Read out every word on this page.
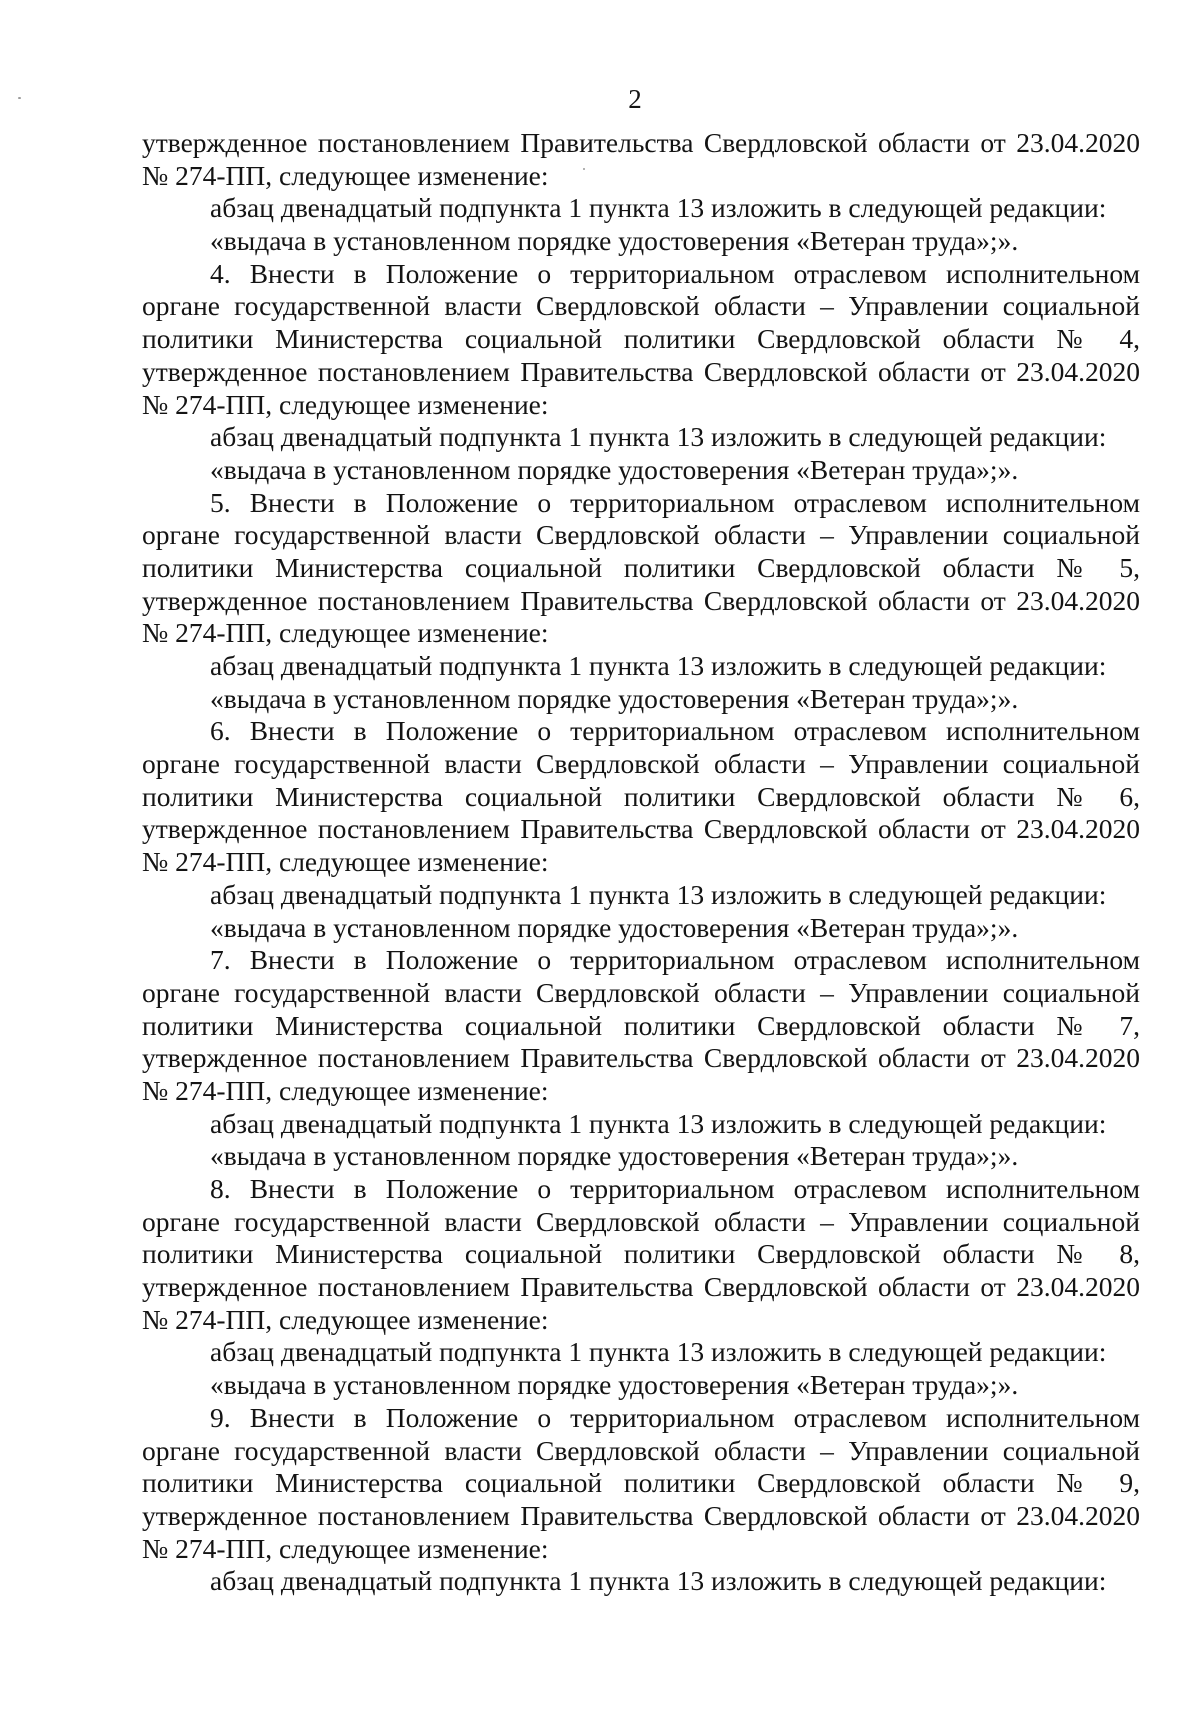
2
утвержденное постановлением Правительства Свердловской области от 23.04.2020
№ 274-ПП, следующее изменение:
абзац двенадцатый подпункта 1 пункта 13 изложить в следующей редакции:
«выдача в установленном порядке удостоверения «Ветеран труда»;».
4. Внести в Положение о территориальном отраслевом исполнительном
органе государственной власти Свердловской области – Управлении социальной
политики Министерства социальной политики Свердловской области № 4,
утвержденное постановлением Правительства Свердловской области от 23.04.2020
№ 274-ПП, следующее изменение:
абзац двенадцатый подпункта 1 пункта 13 изложить в следующей редакции:
«выдача в установленном порядке удостоверения «Ветеран труда»;».
5. Внести в Положение о территориальном отраслевом исполнительном
органе государственной власти Свердловской области – Управлении социальной
политики Министерства социальной политики Свердловской области № 5,
утвержденное постановлением Правительства Свердловской области от 23.04.2020
№ 274-ПП, следующее изменение:
абзац двенадцатый подпункта 1 пункта 13 изложить в следующей редакции:
«выдача в установленном порядке удостоверения «Ветеран труда»;».
6. Внести в Положение о территориальном отраслевом исполнительном
органе государственной власти Свердловской области – Управлении социальной
политики Министерства социальной политики Свердловской области № 6,
утвержденное постановлением Правительства Свердловской области от 23.04.2020
№ 274-ПП, следующее изменение:
абзац двенадцатый подпункта 1 пункта 13 изложить в следующей редакции:
«выдача в установленном порядке удостоверения «Ветеран труда»;».
7. Внести в Положение о территориальном отраслевом исполнительном
органе государственной власти Свердловской области – Управлении социальной
политики Министерства социальной политики Свердловской области № 7,
утвержденное постановлением Правительства Свердловской области от 23.04.2020
№ 274-ПП, следующее изменение:
абзац двенадцатый подпункта 1 пункта 13 изложить в следующей редакции:
«выдача в установленном порядке удостоверения «Ветеран труда»;».
8. Внести в Положение о территориальном отраслевом исполнительном
органе государственной власти Свердловской области – Управлении социальной
политики Министерства социальной политики Свердловской области № 8,
утвержденное постановлением Правительства Свердловской области от 23.04.2020
№ 274-ПП, следующее изменение:
абзац двенадцатый подпункта 1 пункта 13 изложить в следующей редакции:
«выдача в установленном порядке удостоверения «Ветеран труда»;».
9. Внести в Положение о территориальном отраслевом исполнительном
органе государственной власти Свердловской области – Управлении социальной
политики Министерства социальной политики Свердловской области № 9,
утвержденное постановлением Правительства Свердловской области от 23.04.2020
№ 274-ПП, следующее изменение:
абзац двенадцатый подпункта 1 пункта 13 изложить в следующей редакции:
